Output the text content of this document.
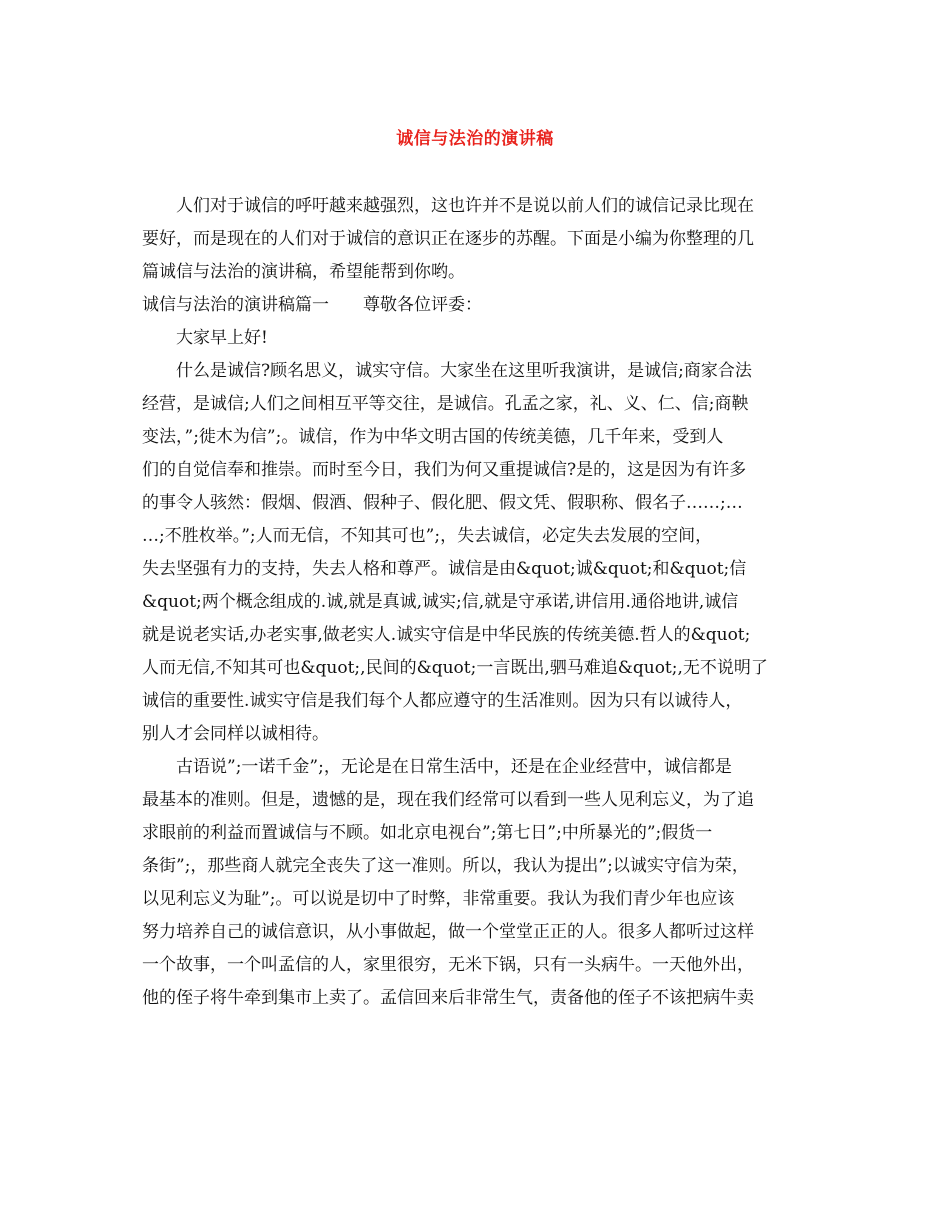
诚信与法治的演讲稿
人们对于诚信的呼吁越来越强烈，这也许并不是说以前人们的诚信记录比现在
要好，而是现在的人们对于诚信的意识正在逐步的苏醒。下面是小编为你整理的几
篇诚信与法治的演讲稿，希望能帮到你哟。
诚信与法治的演讲稿篇一　　尊敬各位评委：
大家早上好!
什么是诚信?顾名思义，诚实守信。大家坐在这里听我演讲，是诚信;商家合法
经营，是诚信;人们之间相互平等交往，是诚信。孔孟之家，礼、义、仁、信;商鞅
变法，”;徙木为信”;。诚信，作为中华文明古国的传统美德，几千年来，受到人
们的自觉信奉和推崇。而时至今日，我们为何又重提诚信?是的，这是因为有许多
的事令人骇然：假烟、假酒、假种子、假化肥、假文凭、假职称、假名子……;…
…;不胜枚举。”;人而无信，不知其可也”;，失去诚信，必定失去发展的空间，
失去坚强有力的支持，失去人格和尊严。诚信是由&quot;诚&quot;和&quot;信
&quot;两个概念组成的.诚,就是真诚,诚实;信,就是守承诺,讲信用.通俗地讲,诚信
就是说老实话,办老实事,做老实人.诚实守信是中华民族的传统美德.哲人的&quot;
人而无信,不知其可也&quot;,民间的&quot;一言既出,驷马难追&quot;,无不说明了
诚信的重要性.诚实守信是我们每个人都应遵守的生活准则。因为只有以诚待人，
别人才会同样以诚相待。
古语说”;一诺千金”;，无论是在日常生活中，还是在企业经营中，诚信都是
最基本的准则。但是，遗憾的是，现在我们经常可以看到一些人见利忘义，为了追
求眼前的利益而置诚信与不顾。如北京电视台”;第七日”;中所暴光的”;假货一
条街”;，那些商人就完全丧失了这一准则。所以，我认为提出”;以诚实守信为荣，
以见利忘义为耻”;。可以说是切中了时弊，非常重要。我认为我们青少年也应该
努力培养自己的诚信意识，从小事做起，做一个堂堂正正的人。很多人都听过这样
一个故事，一个叫孟信的人，家里很穷，无米下锅，只有一头病牛。一天他外出，
他的侄子将牛牵到集市上卖了。孟信回来后非常生气，责备他的侄子不该把病牛卖
